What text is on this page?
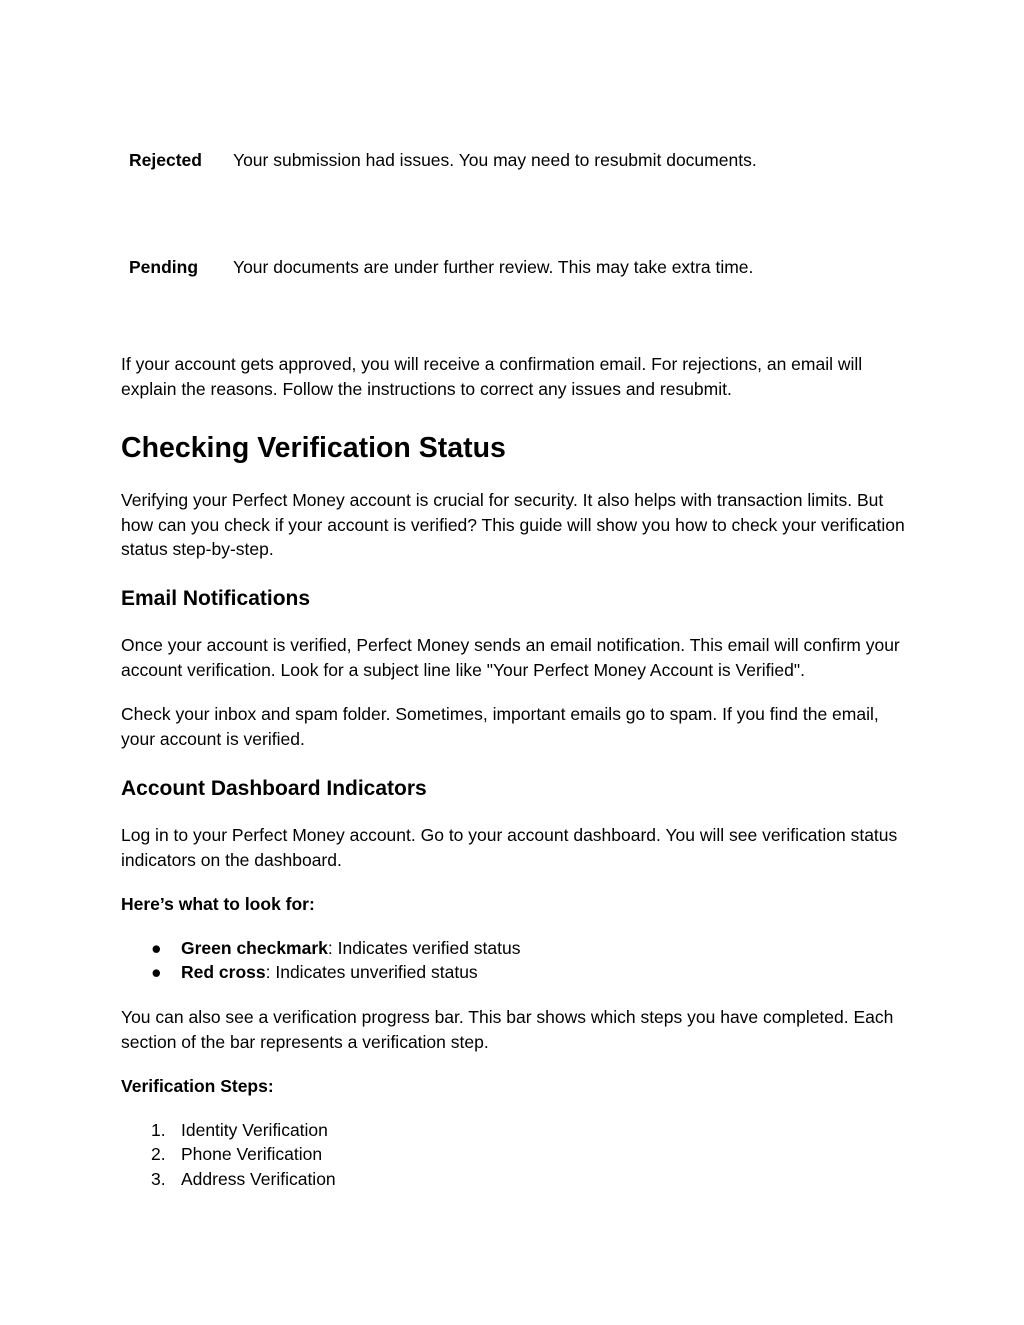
Rejected Your submission had issues. You may need to resubmit documents.
Pending Your documents are under further review. This may take extra time.

If your account gets approved, you will receive a confirmation email. For rejections, an email will explain the reasons. Follow the instructions to correct any issues and resubmit.

Checking Verification Status

Verifying your Perfect Money account is crucial for security. It also helps with transaction limits. But how can you check if your account is verified? This guide will show you how to check your verification status step-by-step.

Email Notifications

Once your account is verified, Perfect Money sends an email notification. This email will confirm your account verification. Look for a subject line like "Your Perfect Money Account is Verified".

Check your inbox and spam folder. Sometimes, important emails go to spam. If you find the email, your account is verified.

Account Dashboard Indicators

Log in to your Perfect Money account. Go to your account dashboard. You will see verification status indicators on the dashboard.

Here’s what to look for:

● Green checkmark: Indicates verified status
● Red cross: Indicates unverified status

You can also see a verification progress bar. This bar shows which steps you have completed. Each section of the bar represents a verification step.

Verification Steps:

1. Identity Verification
2. Phone Verification
3. Address Verification
